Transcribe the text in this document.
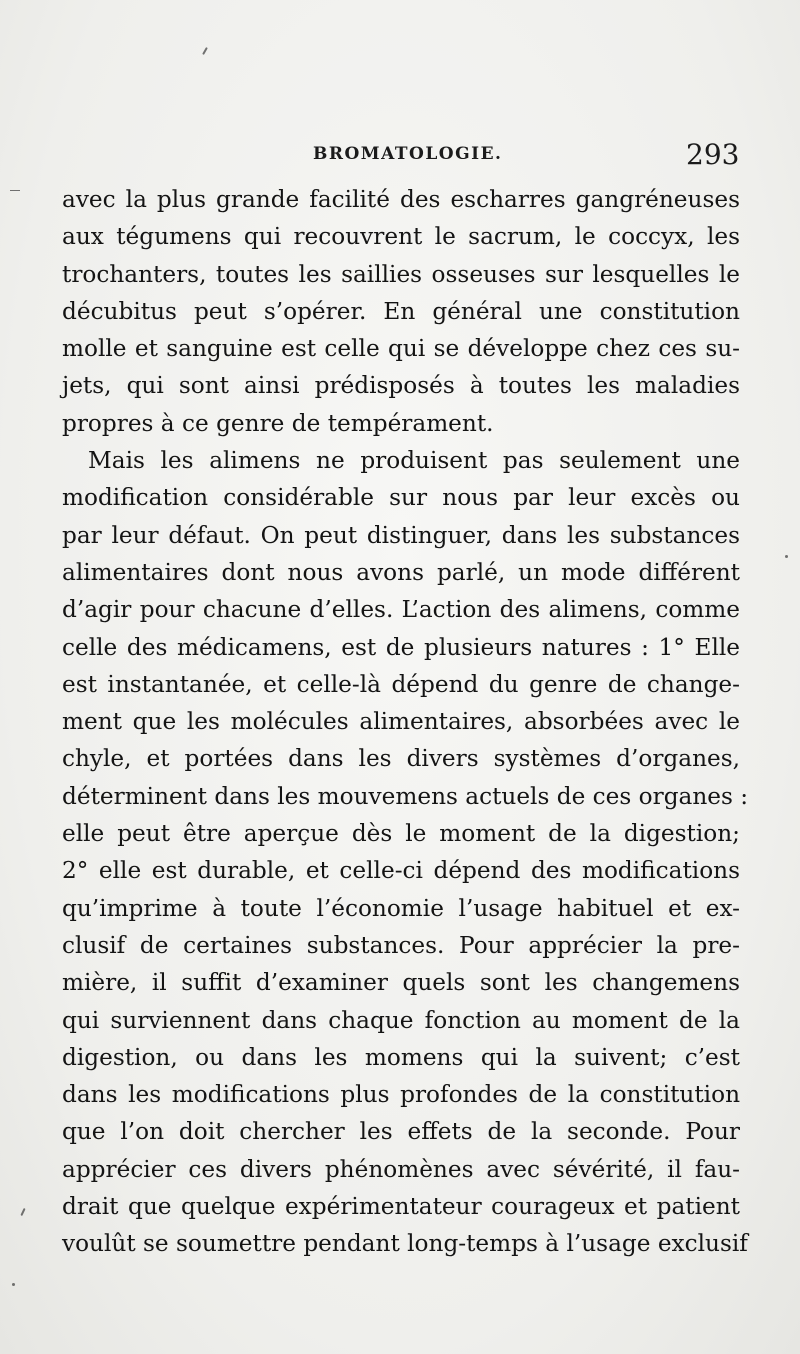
BROMATOLOGIE.	293
avec la plus grande facilité des escharres gangréneuses
aux tégumens qui recouvrent le sacrum, le coccyx, les
trochanters, toutes les saillies osseuses sur lesquelles le
décubitus peut s’opérer. En général une constitution
molle et sanguine est celle qui se développe chez ces su-
jets, qui sont ainsi prédisposés à toutes les maladies
propres à ce genre de tempérament.
Mais les alimens ne produisent pas seulement une
modification considérable sur nous par leur excès ou
par leur défaut. On peut distinguer, dans les substances
alimentaires dont nous avons parlé, un mode différent
d’agir pour chacune d’elles. L’action des alimens, comme
celle des médicamens, est de plusieurs natures : 1° Elle
est instantanée, et celle-là dépend du genre de change-
ment que les molécules alimentaires, absorbées avec le
chyle, et portées dans les divers systèmes d’organes,
déterminent dans les mouvemens actuels de ces organes :
elle peut être aperçue dès le moment de la digestion;
2° elle est durable, et celle-ci dépend des modifications
qu’imprime à toute l’économie l’usage habituel et ex-
clusif de certaines substances. Pour apprécier la pre-
mière, il suffit d’examiner quels sont les changemens
qui surviennent dans chaque fonction au moment de la
digestion, ou dans les momens qui la suivent; c’est
dans les modifications plus profondes de la constitution
que l’on doit chercher les effets de la seconde. Pour
apprécier ces divers phénomènes avec sévérité, il fau-
drait que quelque expérimentateur courageux et patient
voulût se soumettre pendant long-temps à l’usage exclusif
